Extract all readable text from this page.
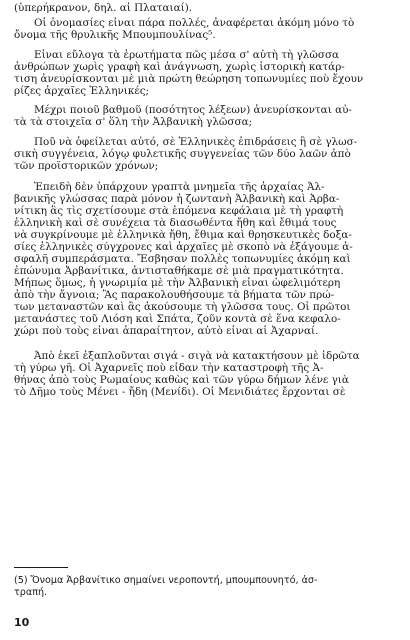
(ὑπερήκρανον, δηλ. αἱ Πλαταιαί).
Οἱ ὀνομασίες εἶναι πάρα πολλές, ἀναφέρεται ἀκόμη μόνο τὸ
ὄνομα τῆς θρυλικῆς Μπουμπουλίνας⁵.
Εἶναι εὔλογα τὰ ἐρωτήματα πῶς μέσα σ' αὐτὴ τὴ γλῶσσα
ἀνθρώπων χωρὶς γραφὴ καὶ ἀνάγνωση, χωρὶς ἱστορικὴ κατάρ-
τιση ἀνευρίσκονται μὲ μιὰ πρώτη θεώρηση τοπωνυμίες ποὺ ἔχουν
ρίζες ἀρχαῖες Ἑλληνικές;
Μέχρι ποιοῦ βαθμοῦ (ποσότητος λέξεων) ἀνευρίσκονται αὐ-
τὰ τὰ στοιχεῖα σ' ὅλη τὴν Ἀλβανικὴ γλῶσσα;
Ποῦ νὰ ὀφείλεται αὐτό, σὲ Ἑλληνικὲς ἐπιδράσεις ἢ σὲ γλωσ-
σικὴ συγγένεια, λόγῳ φυλετικῆς συγγενείας τῶν δύο λαῶν ἀπὸ
τῶν προϊστορικῶν χρόνων;
Ἐπειδὴ δὲν ὑπάρχουν γραπτὰ μνημεῖα τῆς ἀρχαίας Ἀλ-
βανικῆς γλώσσας παρὰ μόνον ἡ ζωντανὴ Ἀλβανικὴ καὶ Ἀρβα-
νίτικη ἂς τὶς σχετίσουμε στὰ ἑπόμενα κεφάλαια μὲ τὴ γραφτὴ
ἑλληνικὴ καὶ σὲ συνέχεια τὰ διασωθέντα ἤθη καὶ ἔθιμά τους
νὰ συγκρίνουμε μὲ ἑλληνικὰ ἤθη, ἔθιμα καὶ θρησκευτικὲς δοξα-
σίες ἑλληνικὲς σύγχρονες καὶ ἀρχαῖες μὲ σκοπὸ νὰ ἐξάγουμε ἀ-
σφαλῆ συμπεράσματα. Ἔσβησαν πολλὲς τοπωνυμίες ἀκόμη καὶ
ἐπώνυμα Ἀρβανίτικα, ἀντισταθήκαμε σὲ μιὰ πραγματικότητα.
Μήπως ὅμως, ἡ γνωριμία μὲ τὴν Ἀλβανικὴ εἶναι ὠφελιμότερη
ἀπὸ τὴν ἄγνοια; Ἂς παρακολουθήσουμε τὰ βήματα τῶν πρώ-
των μεταναστῶν καὶ ἂς ἀκούσουμε τὴ γλῶσσα τους. Οἱ πρῶτοι
μετανάστες τοῦ Λιόση καὶ Σπάτα, ζοῦν κοντὰ σὲ ἕνα κεφαλο-
χώρι ποὺ τοὺς εἶναι ἀπαραίτητον, αὐτὸ εἶναι αἱ Ἀχαρναί.
Ἀπὸ ἐκεῖ ἐξαπλοῦνται σιγά - σιγὰ νὰ κατακτήσουν μὲ ἱδρῶτα
τὴ γύρω γῆ. Οἱ Ἀχαρνεῖς ποὺ εἶδαν τὴν καταστροφὴ τῆς Ἀ-
θήνας ἀπὸ τοὺς Ρωμαίους καθὼς καὶ τῶν γύρω δήμων λένε γιὰ
τὸ Δῆμο τοὺς Μένει - ἤδη (Μενίδι). Οἱ Μενιδιάτες ἔρχονται σὲ
(5) Ὄνομα Ἀρβανίτικο σημαίνει νεροποντή, μπουμπουνητό, ἀσ-
τραπή.
10
